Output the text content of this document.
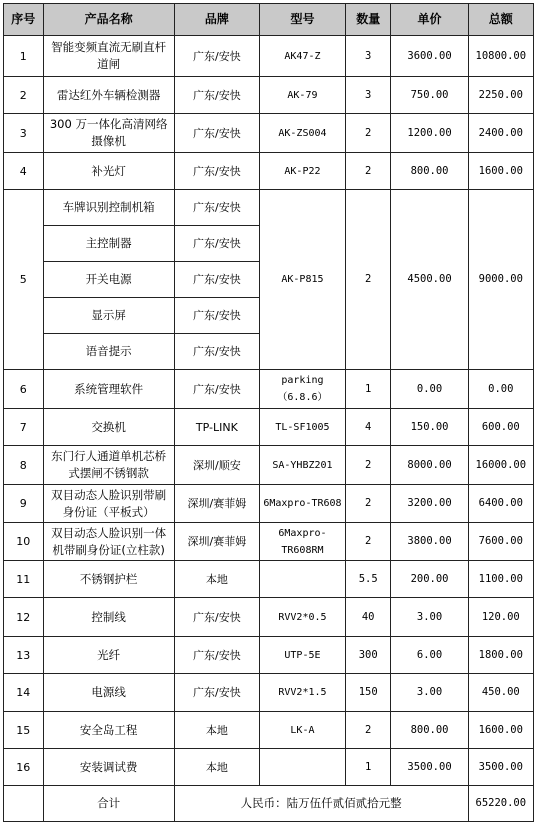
序号	产品名称	品牌	型号	数量	单价	总额
1	智能变频直流无刷直杆道闸	广东/安快	AK47-Z	3	3600.00	10800.00
2	雷达红外车辆检测器	广东/安快	AK-79	3	750.00	2250.00
3	300 万一体化高清网络摄像机	广东/安快	AK-ZS004	2	1200.00	2400.00
4	补光灯	广东/安快	AK-P22	2	800.00	1600.00
5	车牌识别控制机箱	广东/安快	AK-P815	2	4500.00	9000.00
	主控制器	广东/安快				
	开关电源	广东/安快				
	显示屏	广东/安快				
	语音提示	广东/安快				
6	系统管理软件	广东/安快	parking（6.8.6）	1	0.00	0.00
7	交换机	TP-LINK	TL-SF1005	4	150.00	600.00
8	东门行人通道单机芯桥式摆闸不锈钢款	深圳/顺安	SA-YHBZ201	2	8000.00	16000.00
9	双目动态人脸识别带刷身份证（平板式）	深圳/赛菲姆	6Maxpro-TR608	2	3200.00	6400.00
10	双目动态人脸识别一体机带刷身份证(立柱款)	深圳/赛菲姆	6Maxpro-TR608RM	2	3800.00	7600.00
11	不锈钢护栏	本地		5.5	200.00	1100.00
12	控制线	广东/安快	RVV2*0.5	40	3.00	120.00
13	光纤	广东/安快	UTP-5E	300	6.00	1800.00
14	电源线	广东/安快	RVV2*1.5	150	3.00	450.00
15	安全岛工程	本地	LK-A	2	800.00	1600.00
16	安装调试费	本地		1	3500.00	3500.00
	合计	人民币：陆万伍仟贰佰贰拾元整				65220.00
